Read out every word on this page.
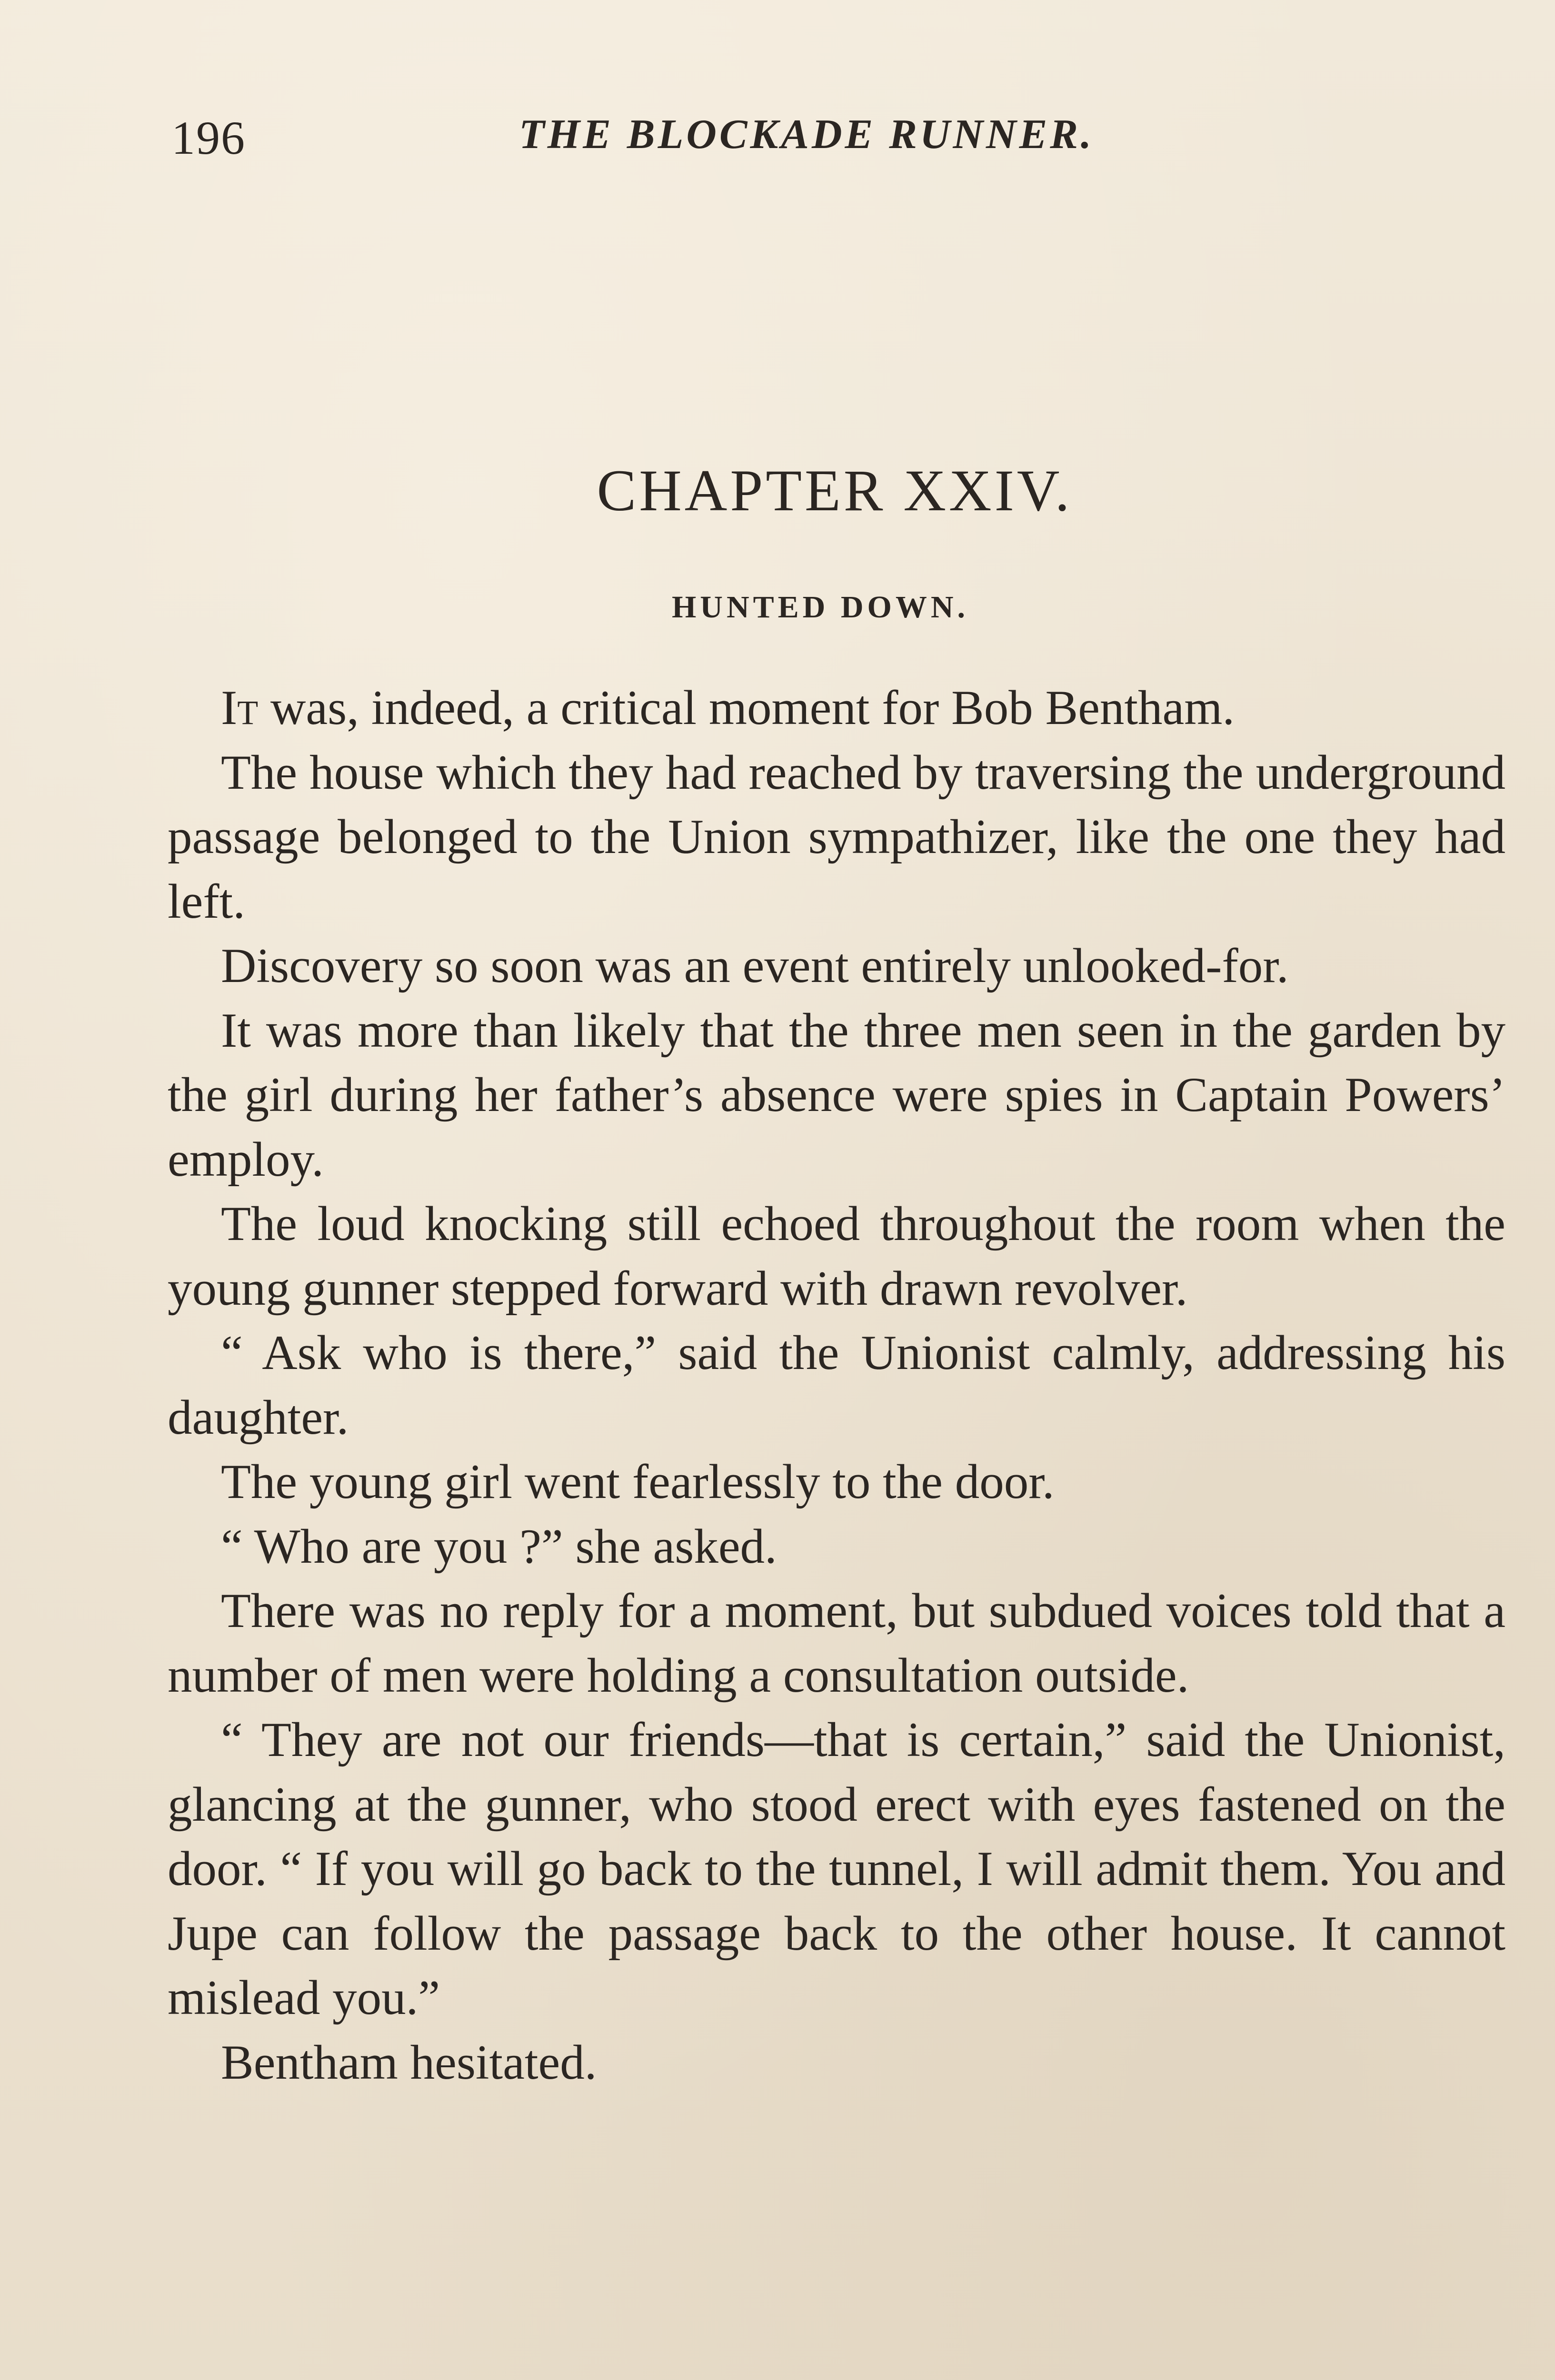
196	THE BLOCKADE RUNNER.
CHAPTER XXIV.
HUNTED DOWN.

It was, indeed, a critical moment for Bob Bentham.

The house which they had reached by traversing the underground passage belonged to the Union sympathizer, like the one they had left.

Discovery so soon was an event entirely unlooked-for.

It was more than likely that the three men seen in the garden by the girl during her father’s absence were spies in Captain Powers’ employ.

The loud knocking still echoed throughout the room when the young gunner stepped forward with drawn revolver.

“ Ask who is there,” said the Unionist calmly, addressing his daughter.

The young girl went fearlessly to the door.

“ Who are you ?” she asked.

There was no reply for a moment, but subdued voices told that a number of men were holding a consultation outside.

“ They are not our friends—that is certain,” said the Unionist, glancing at the gunner, who stood erect with eyes fastened on the door. “ If you will go back to the tunnel, I will admit them. You and Jupe can follow the passage back to the other house. It cannot mislead you.”

Bentham hesitated.
